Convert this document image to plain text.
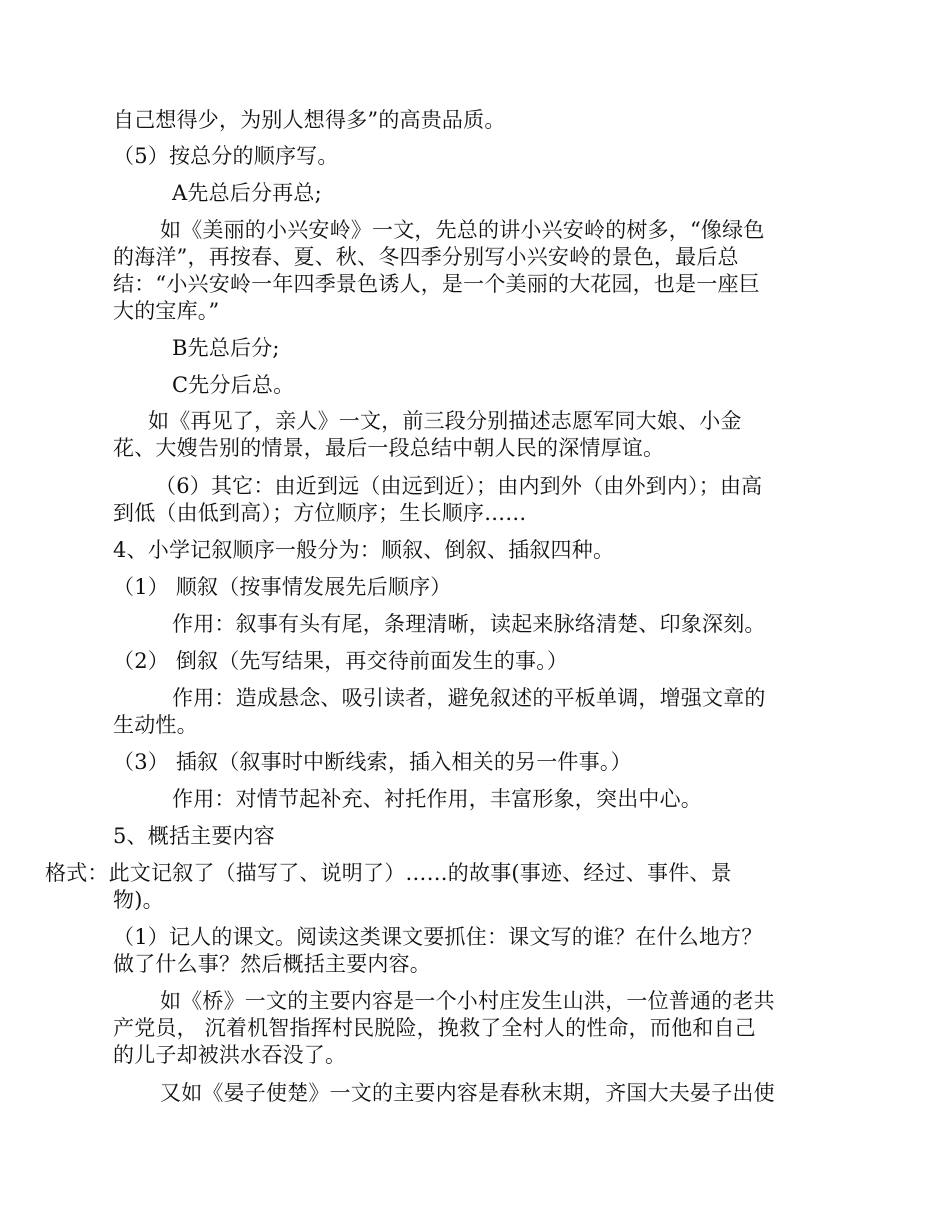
自己想得少，为别人想得多”的高贵品质。
（5）按总分的顺序写。
A先总后分再总;
如《美丽的小兴安岭》一文，先总的讲小兴安岭的树多，“像绿色
的海洋”，再按春、夏、秋、冬四季分别写小兴安岭的景色，最后总
结：“小兴安岭一年四季景色诱人，是一个美丽的大花园，也是一座巨
大的宝库。”
B先总后分;
C先分后总。
如《再见了，亲人》一文，前三段分别描述志愿军同大娘、小金
花、大嫂告别的情景，最后一段总结中朝人民的深情厚谊。
（6）其它：由近到远（由远到近）；由内到外（由外到内）；由高
到低（由低到高）；方位顺序；生长顺序……
4、小学记叙顺序一般分为：顺叙、倒叙、插叙四种。
（1） 顺叙（按事情发展先后顺序）
作用：叙事有头有尾，条理清晰，读起来脉络清楚、印象深刻。
（2） 倒叙（先写结果，再交待前面发生的事。）
作用：造成悬念、吸引读者，避免叙述的平板单调，增强文章的
生动性。
（3） 插叙（叙事时中断线索，插入相关的另一件事。）
作用：对情节起补充、衬托作用，丰富形象，突出中心。
5、概括主要内容
格式：此文记叙了（描写了、说明了）……的故事(事迹、经过、事件、景
物)。
（1）记人的课文。阅读这类课文要抓住：课文写的谁？在什么地方？
做了什么事？然后概括主要内容。
如《桥》一文的主要内容是一个小村庄发生山洪，一位普通的老共
产党员， 沉着机智指挥村民脱险，挽救了全村人的性命，而他和自己
的儿子却被洪水吞没了。
又如《晏子使楚》一文的主要内容是春秋末期，齐国大夫晏子出使
